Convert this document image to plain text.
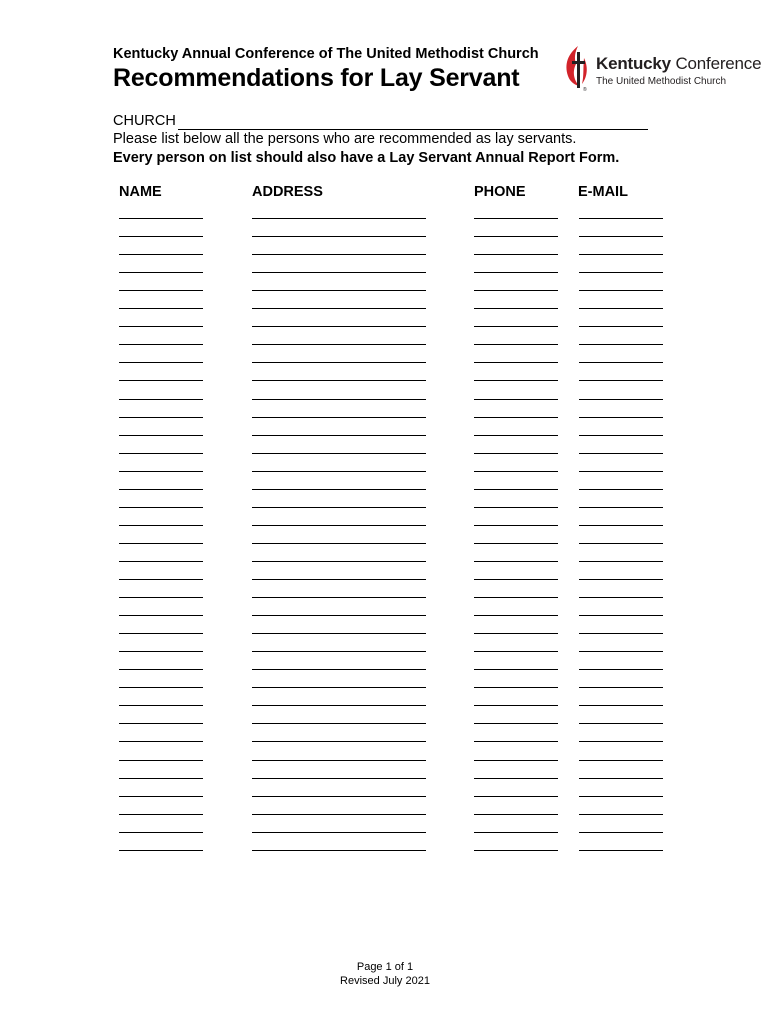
Kentucky Annual Conference of The United Methodist Church
Recommendations for Lay Servant	®
Kentucky Conference
The United Methodist Church
CHURCH
Please list below all the persons who are recommended as lay servants.
Every person on list should also have a Lay Servant Annual Report Form.
NAME	ADDRESS	PHONE	E-MAIL
Page 1 of 1
Revised July 2021
